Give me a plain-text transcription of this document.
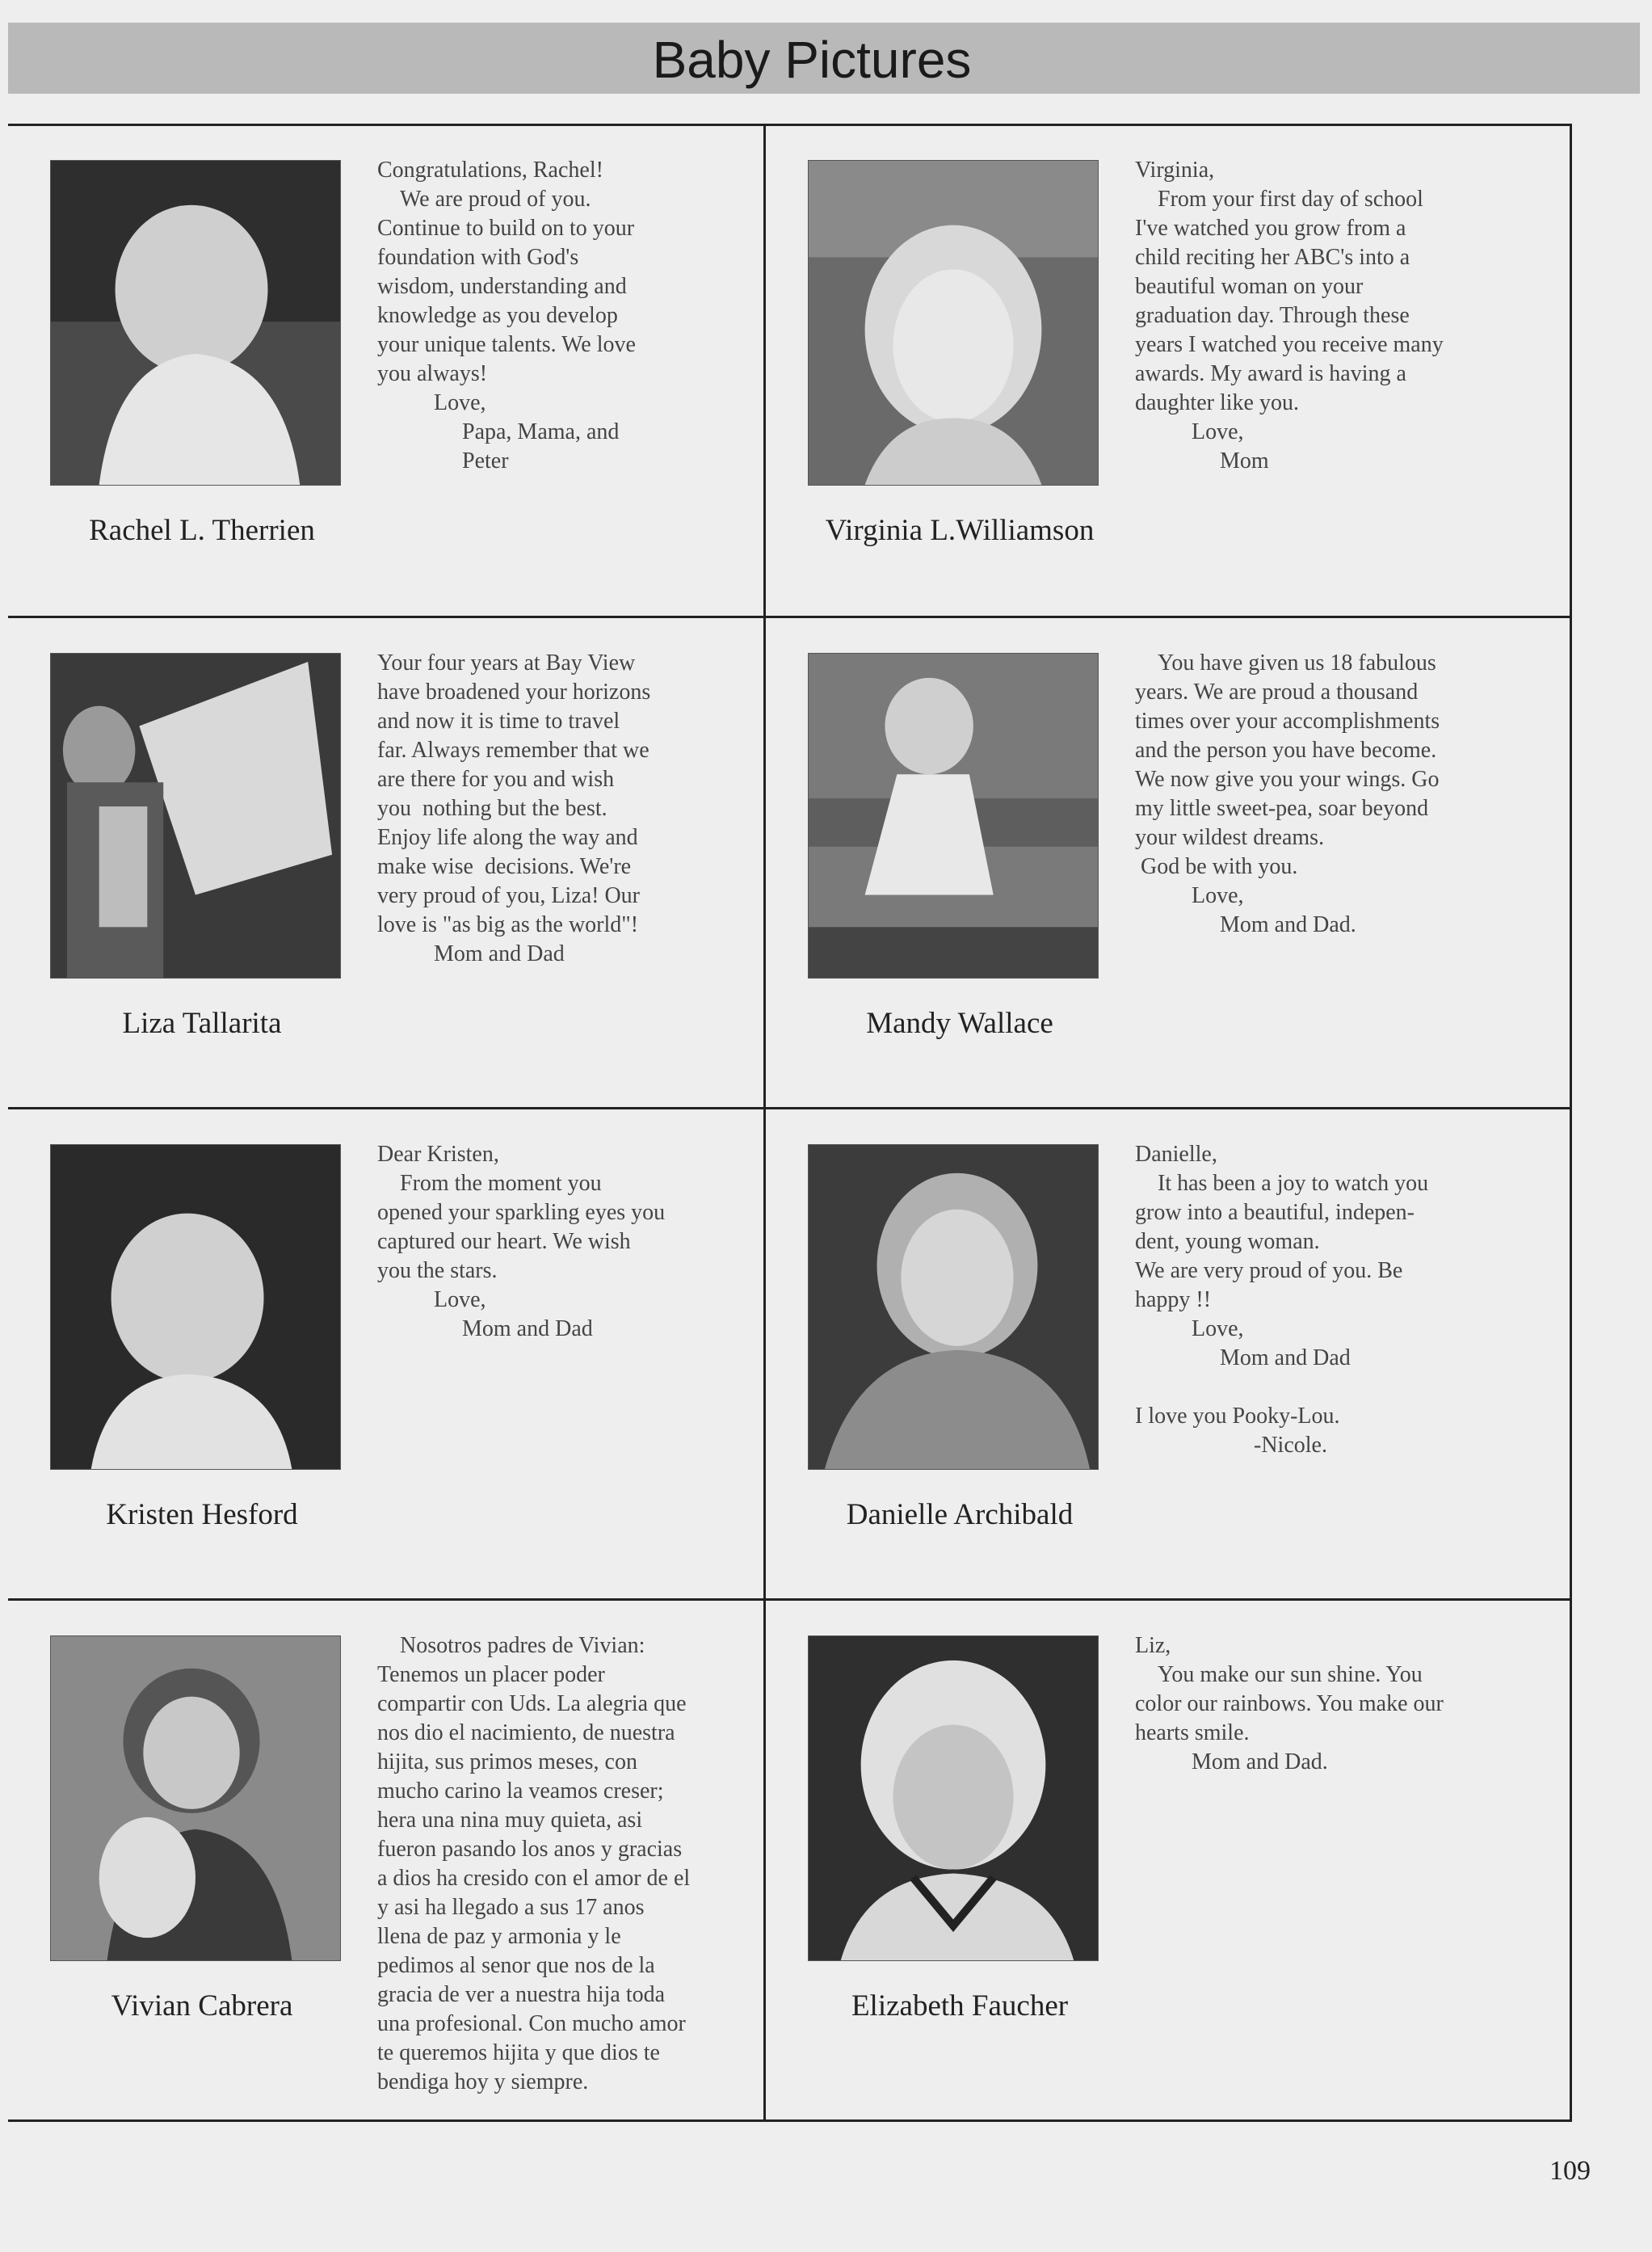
Baby Pictures
Congratulations, Rachel!
We are proud of you.
Continue to build on to your
foundation with God's
wisdom, understanding and
knowledge as you develop
your unique talents. We love
you always!
Love,
Papa, Mama, and
Peter
Rachel L. Therrien
Virginia,
From your first day of school
I've watched you grow from a
child reciting her ABC's into a
beautiful woman on your
graduation day. Through these
years I watched you receive many
awards. My award is having a
daughter like you.
Love,
Mom
Virginia L.Williamson
Your four years at Bay View
have broadened your horizons
and now it is time to travel
far. Always remember that we
are there for you and wish
you  nothing but the best.
Enjoy life along the way and
make wise  decisions. We're
very proud of you, Liza! Our
love is "as big as the world"!
Mom and Dad
Liza Tallarita
You have given us 18 fabulous
years. We are proud a thousand
times over your accomplishments
and the person you have become.
We now give you your wings. Go
my little sweet-pea, soar beyond
your wildest dreams.
God be with you.
Love,
Mom and Dad.
Mandy Wallace
Dear Kristen,
From the moment you
opened your sparkling eyes you
captured our heart. We wish
you the stars.
Love,
Mom and Dad
Kristen Hesford
Danielle,
It has been a joy to watch you
grow into a beautiful, indepen-
dent, young woman.
We are very proud of you. Be
happy !!
Love,
Mom and Dad

I love you Pooky-Lou.
-Nicole.
Danielle Archibald
Nosotros padres de Vivian:
Tenemos un placer poder
compartir con Uds. La alegria que
nos dio el nacimiento, de nuestra
hijita, sus primos meses, con
mucho carino la veamos creser;
hera una nina muy quieta, asi
fueron pasando los anos y gracias
a dios ha cresido con el amor de el
y asi ha llegado a sus 17 anos
llena de paz y armonia y le
pedimos al senor que nos de la
gracia de ver a nuestra hija toda
una profesional. Con mucho amor
te queremos hijita y que dios te
bendiga hoy y siempre.
Vivian Cabrera
Liz,
You make our sun shine. You
color our rainbows. You make our
hearts smile.
Mom and Dad.
Elizabeth Faucher
109
